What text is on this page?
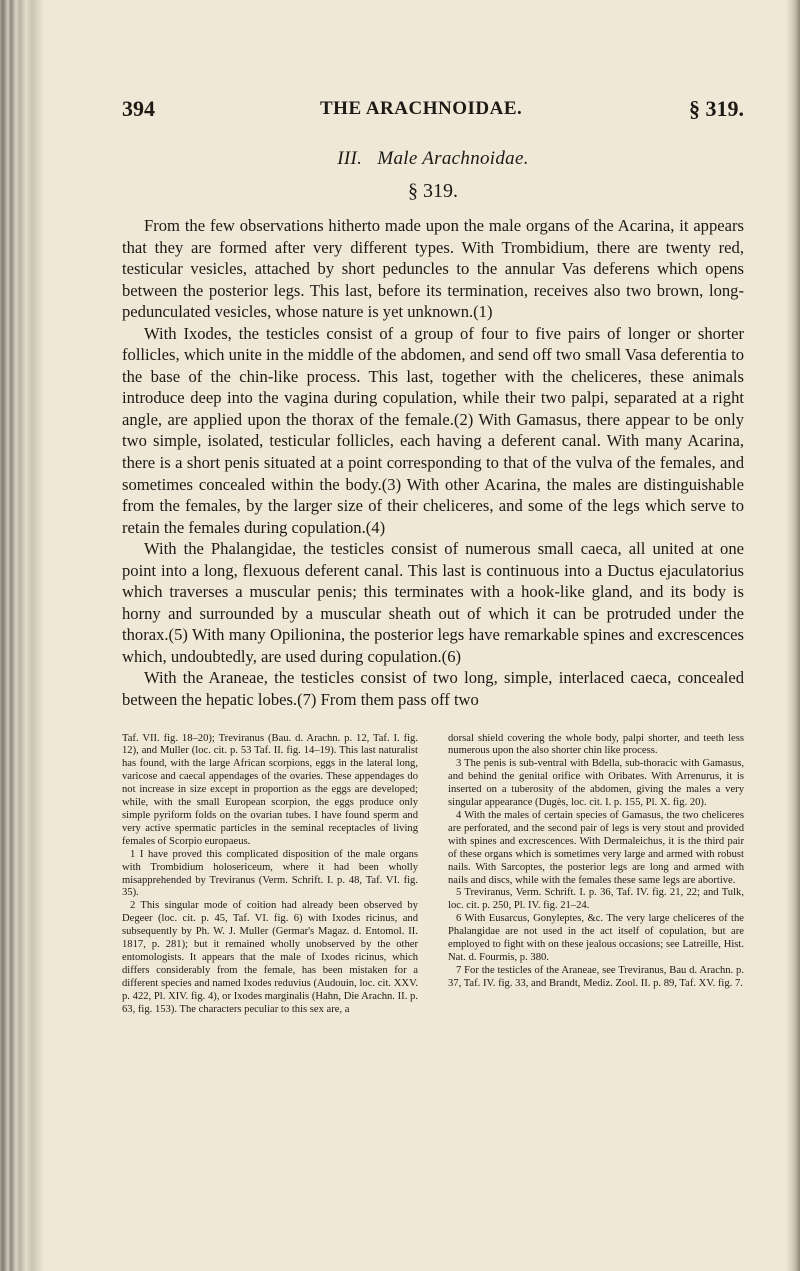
394	THE ARACHNOIDAE.	§ 319.
III.   Male Arachnoidae.
§ 319.

From the few observations hitherto made upon the male organs of the Acarina, it appears that they are formed after very different types. With Trombidium, there are twenty red, testicular vesicles, attached by short peduncles to the annular Vas deferens which opens between the posterior legs. This last, before its termination, receives also two brown, long-pedunculated vesicles, whose nature is yet unknown.(1)

With Ixodes, the testicles consist of a group of four to five pairs of longer or shorter follicles, which unite in the middle of the abdomen, and send off two small Vasa deferentia to the base of the chin-like process. This last, together with the cheliceres, these animals introduce deep into the vagina during copulation, while their two palpi, separated at a right angle, are applied upon the thorax of the female.(2) With Gamasus, there appear to be only two simple, isolated, testicular follicles, each having a deferent canal. With many Acarina, there is a short penis situated at a point corresponding to that of the vulva of the females, and sometimes concealed within the body.(3) With other Acarina, the males are distinguishable from the females, by the larger size of their cheliceres, and some of the legs which serve to retain the females during copulation.(4)

With the Phalangidae, the testicles consist of numerous small caeca, all united at one point into a long, flexuous deferent canal. This last is continuous into a Ductus ejaculatorius which traverses a muscular penis; this terminates with a hook-like gland, and its body is horny and surrounded by a muscular sheath out of which it can be protruded under the thorax.(5) With many Opilionina, the posterior legs have remarkable spines and excrescences which, undoubtedly, are used during copulation.(6)

With the Araneae, the testicles consist of two long, simple, interlaced caeca, concealed between the hepatic lobes.(7) From them pass off two

Taf. VII. fig. 18–20); Treviranus (Bau. d. Arachn. p. 12, Taf. I. fig. 12), and Muller (loc. cit. p. 53 Taf. II. fig. 14–19). This last naturalist has found, with the large African scorpions, eggs in the lateral long, varicose and caecal appendages of the ovaries. These appendages do not increase in size except in proportion as the eggs are developed; while, with the small European scorpion, the eggs produce only simple pyriform folds on the ovarian tubes. I have found sperm and very active spermatic particles in the seminal receptacles of living females of Scorpio europaeus.

1 I have proved this complicated disposition of the male organs with Trombidium holosericeum, where it had been wholly misapprehended by Treviranus (Verm. Schrift. I. p. 48, Taf. VI. fig. 35).

2 This singular mode of coition had already been observed by Degeer (loc. cit. p. 45, Taf. VI. fig. 6) with Ixodes ricinus, and subsequently by Ph. W. J. Muller (Germar's Magaz. d. Entomol. II. 1817, p. 281); but it remained wholly unobserved by the other entomologists. It appears that the male of Ixodes ricinus, which differs considerably from the female, has been mistaken for a different species and named Ixodes reduvius (Audouin, loc. cit. XXV. p. 422, Pl. XIV. fig. 4), or Ixodes marginalis (Hahn, Die Arachn. II. p. 63, fig. 153). The characters peculiar to this sex are, a

dorsal shield covering the whole body, palpi shorter, and teeth less numerous upon the also shorter chin like process.

3 The penis is sub-ventral with Bdella, sub-thoracic with Gamasus, and behind the genital orifice with Oribates. With Arrenurus, it is inserted on a tuberosity of the abdomen, giving the males a very singular appearance (Dugès, loc. cit. I. p. 155, Pl. X. fig. 20).

4 With the males of certain species of Gamasus, the two cheliceres are perforated, and the second pair of legs is very stout and provided with spines and excrescences. With Dermaleichus, it is the third pair of these organs which is sometimes very large and armed with robust nails. With Sarcoptes, the posterior legs are long and armed with nails and discs, while with the females these same legs are abortive.

5 Treviranus, Verm. Schrift. I. p. 36, Taf. IV. fig. 21, 22; and Tulk, loc. cit. p. 250, Pl. IV. fig. 21–24.

6 With Eusarcus, Gonyleptes, &c. The very large cheliceres of the Phalangidae are not used in the act itself of copulation, but are employed to fight with on these jealous occasions; see Latreille, Hist. Nat. d. Fourmis, p. 380.

7 For the testicles of the Araneae, see Treviranus, Bau d. Arachn. p. 37, Taf. IV. fig. 33, and Brandt, Mediz. Zool. II. p. 89, Taf. XV. fig. 7.
